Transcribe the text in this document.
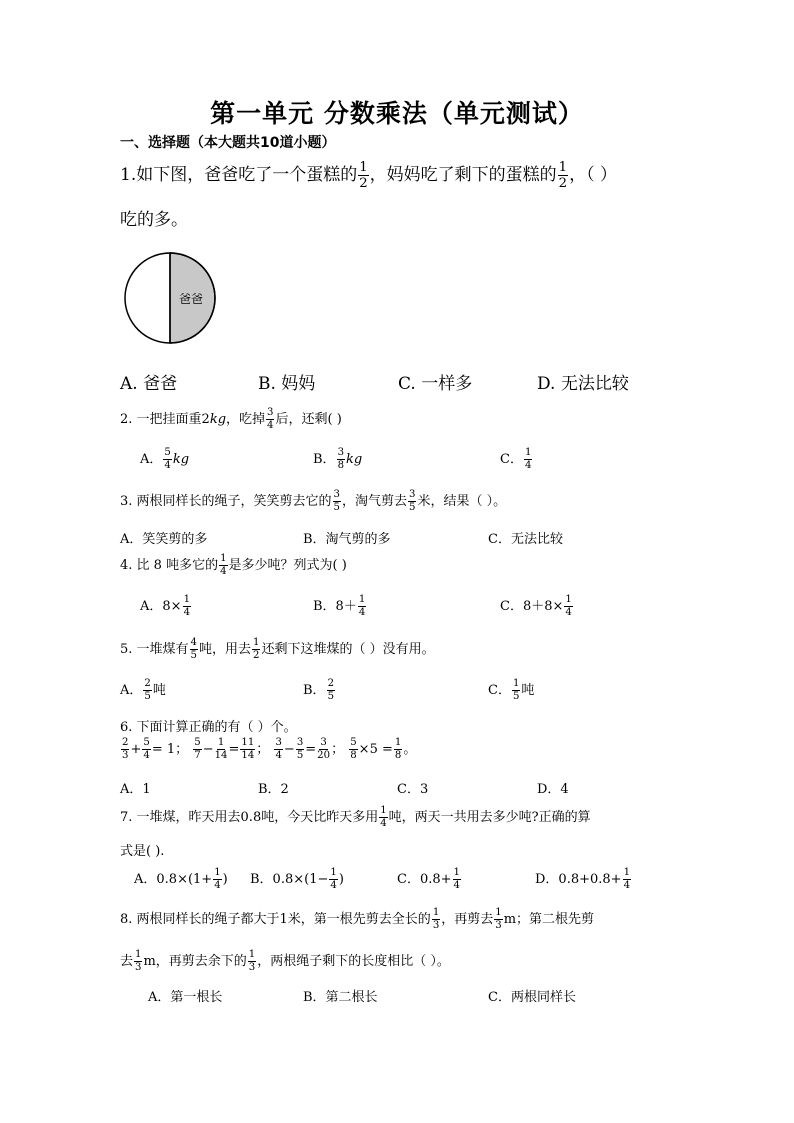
第一单元 分数乘法（单元测试）
一、选择题（本大题共10道小题）
1.如下图，爸爸吃了一个蛋糕的 $\frac{1}{2}$ ，妈妈吃了剩下的蛋糕的 $\frac{1}{2}$ ，（ ）
吃的多。
爸爸
A. 爸爸	B. 妈妈	C. 一样多	D. 无法比较
2. 一把挂面重2kg，吃掉 $\frac{3}{4}$ 后，还剩( )
A． $\frac{5}{4}$ kg	B． $\frac{3}{8}$ kg	C． $\frac{1}{4}$
3. 两根同样长的绳子，笑笑剪去它的 $\frac{3}{5}$ ，淘气剪去 $\frac{3}{5}$ 米，结果（ ）。
A．笑笑剪的多	B．淘气剪的多	C．无法比较
4. 比 8 吨多它的 $\frac{1}{4}$ 是多少吨？列式为( )
A．$8\times \frac{1}{4}$	B．$8+ \frac{1}{4}$	C．$8+8\times \frac{1}{4}$
5. 一堆煤有 $\frac{4}{5}$ 吨，用去 $\frac{1}{2}$ 还剩下这堆煤的（ ）没有用。
A． $\frac{2}{5}$ 吨	B． $\frac{2}{5}$	C． $\frac{1}{5}$ 吨
6. 下面计算正确的有（ ）个。
$\frac{2}{3} + \frac{5}{4} = 1$； $\frac{5}{7} - \frac{1}{14} = \frac{11}{14}$ ； $\frac{3}{4} - \frac{3}{5} = \frac{3}{20}$ ； $\frac{5}{8} \times 5 = \frac{1}{8}$ 。
A．1	B．2	C．3	D．4
7. 一堆煤，昨天用去0.8吨，今天比昨天多用 $\frac{1}{4}$ 吨，两天一共用去多少吨?正确的算
式是( ).
A．$0.8\times(1+ \frac{1}{4}$ ) B．$0.8\times(1- \frac{1}{4}$ )	C．$0.8+ \frac{1}{4}$	D．$0.8+0.8+ \frac{1}{4}$
8. 两根同样长的绳子都大于1米，第一根先剪去全长的 $\frac{1}{3}$ ，再剪去 $\frac{1}{3}$ m；第二根先剪
去 $\frac{1}{3}$ m，再剪去余下的 $\frac{1}{3}$ ，两根绳子剩下的长度相比（ ）。
A．第一根长	B．第二根长	C．两根同样长
